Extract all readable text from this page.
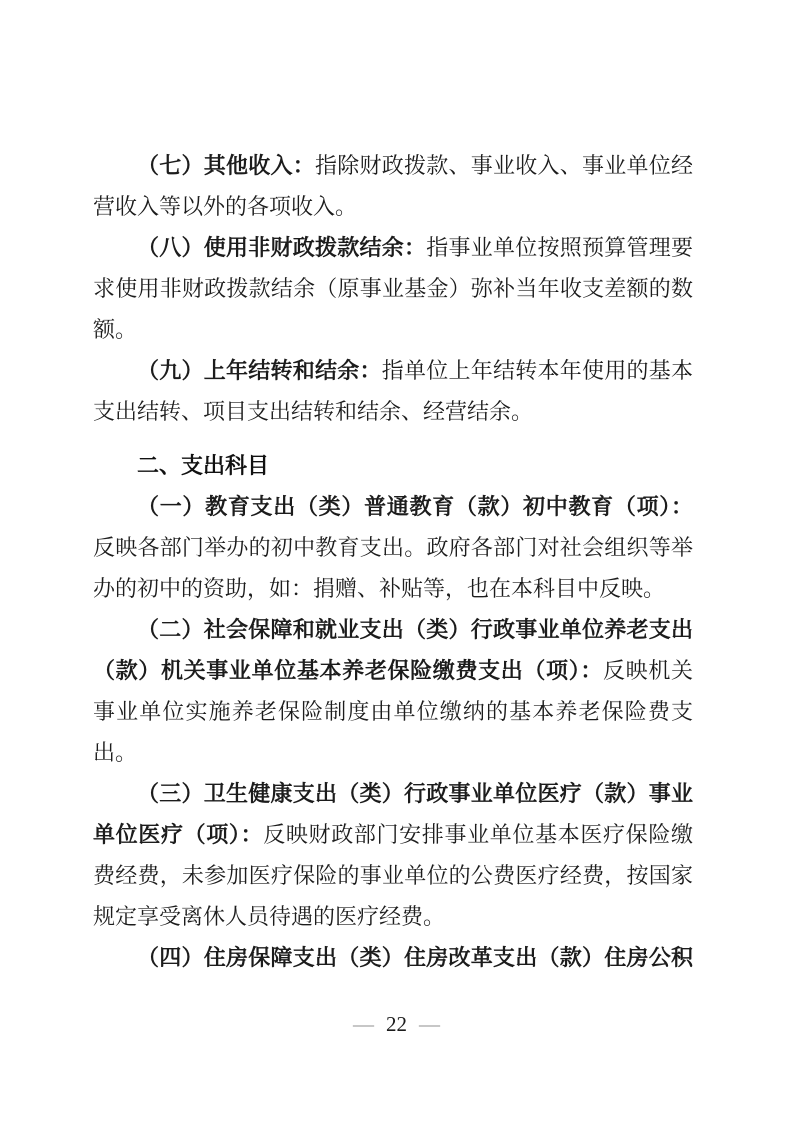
（七）其他收入：指除财政拨款、事业收入、事业单位经营收入等以外的各项收入。

（八）使用非财政拨款结余：指事业单位按照预算管理要求使用非财政拨款结余（原事业基金）弥补当年收支差额的数额。

（九）上年结转和结余：指单位上年结转本年使用的基本支出结转、项目支出结转和结余、经营结余。

二、支出科目

（一）教育支出（类）普通教育（款）初中教育（项）：反映各部门举办的初中教育支出。政府各部门对社会组织等举办的初中的资助，如：捐赠、补贴等，也在本科目中反映。

（二）社会保障和就业支出（类）行政事业单位养老支出（款）机关事业单位基本养老保险缴费支出（项）：反映机关事业单位实施养老保险制度由单位缴纳的基本养老保险费支出。

（三）卫生健康支出（类）行政事业单位医疗（款）事业单位医疗（项）：反映财政部门安排事业单位基本医疗保险缴费经费，未参加医疗保险的事业单位的公费医疗经费，按国家规定享受离休人员待遇的医疗经费。

（四）住房保障支出（类）住房改革支出（款）住房公积

— 22 —
